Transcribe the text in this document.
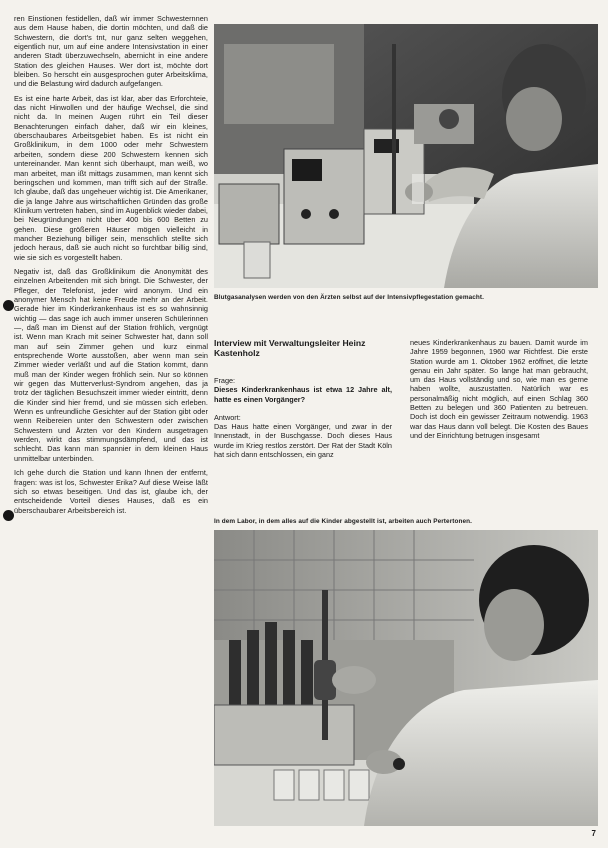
ren Einstionen festidellen, daß wir immer Schwesternnen aus dem Hause haben, die dortin möchten, und daß die Schwestern, die dort's tnt, nur ganz selten weggehen, eigentlich nur, um auf eine andere Intensivstation in einer anderen Stadt überzuwechseln, abernicht in eine andere Station des gleichen Hauses. Wer dort ist, möchte dort bleiben. So herscht ein ausgesprochen guter Arbeitsklima, und die Belastung wird dadurch aufgefangen.

Es ist eine harte Arbeit, das ist klar, aber das Erforchteie, das nicht Hinwollen und der häufige Wechsel, die sind nicht da. In meinen Augen rührt ein Teil dieser Benachterungen einfach daher, daß wir ein kleines, überschaubares Arbeitsgebiet haben. Es ist nicht ein Großklinikum, in dem 1000 oder mehr Schwestern arbeiten, sondern diese 200 Schwestern kennen sich untereinander. Man kennt sich überhaupt, man weiß, wo man arbeitet, man ißt mittags zusammen, man kennt sich beringschen und kommen, man trifft sich auf der Straße. Ich glaube, daß das ungeheuer wichtig ist. Die Amerikaner, die ja lange Jahre aus wirtschaftlichen Gründen das große Klinikum vertreten haben, sind im Augenblick wieder dabei, bei Neugründungen nicht über 400 bis 600 Betten zu gehen. Diese größeren Häuser mögen vielleicht in mancher Beziehung billiger sein, menschlich stellte sich jedoch heraus, daß sie auch nicht so furchtbar billig sind, wie sie sich es vorgestellt haben.

Negativ ist, daß das Großklinikum die Anonymität des einzelnen Arbeitenden mit sich bringt. Die Schwester, der Pfleger, der Telefonist, jeder wird anonym. Und ein anonymer Mensch hat keine Freude mehr an der Arbeit. Gerade hier im Kinderkrankenhaus ist es so wahnsinnig wichtig — das sage ich auch immer unseren Schülerinnen —, daß man im Dienst auf der Station fröhlich, vergnügt ist. Wenn man Krach mit seiner Schwester hat, dann soll man auf sein Zimmer gehen und kurz einmal entsprechende Worte ausstoßen, aber wenn man sein Zimmer wieder verläßt und auf die Station kommt, dann muß man der Kinder wegen fröhlich sein. Nur so können wir gegen das Mutterverlust-Syndrom angehen, das ja trotz der täglichen Besuchszeit immer wieder eintritt, denn die Kinder sind hier fremd, und sie müssen sich erleben. Wenn es unfreundliche Gesichter auf der Station gibt oder wenn Reibereien unter den Schwestern oder zwischen Schwestern und Ärzten vor den Kindern ausgetragen werden, wirkt das stimmungsdämpfend, und das ist schlecht. Das kann man spannier in dem kleinen Haus unmittelbar unterbinden.

Ich gehe durch die Station und kann Ihnen der entfernt, fragen: was ist los, Schwester Erika? Auf diese Weise läßt sich so etwas beseitigen. Und das ist, glaube ich, der entscheidende Vorteil dieses Hauses, daß es ein überschaubarer Arbeitsbereich ist.

Blutgasanalysen werden von den Ärzten selbst auf der Intensivpflegestation gemacht.
Interview mit Verwaltungsleiter Heinz Kastenholz

Frage:

Dieses Kinderkrankenhaus ist etwa 12 Jahre alt, hatte es einen Vorgänger?

Antwort:

Das Haus hatte einen Vorgänger, und zwar in der Innenstadt, in der Buschgasse. Doch dieses Haus wurde im Krieg restlos zerstört. Der Rat der Stadt Köln hat sich dann entschlossen, ein ganz

neues Kinderkrankenhaus zu bauen. Damit wurde im Jahre 1959 begonnen, 1960 war Richtfest. Die erste Station wurde am 1. Oktober 1962 eröffnet, die letzte genau ein Jahr später. So lange hat man gebraucht, um das Haus vollständig und so, wie man es gerne haben wollte, auszustatten. Natürlich war es personalmäßig nicht möglich, auf einen Schlag 360 Betten zu belegen und 360 Patienten zu betreuen. Doch ist doch ein gewisser Zeitraum notwendig. 1963 war das Haus dann voll belegt. Die Kosten des Baues und der Einrichtung betrugen insgesamt

In dem Labor, in dem alles auf die Kinder abgestellt ist, arbeiten auch Pertertonen.
7
